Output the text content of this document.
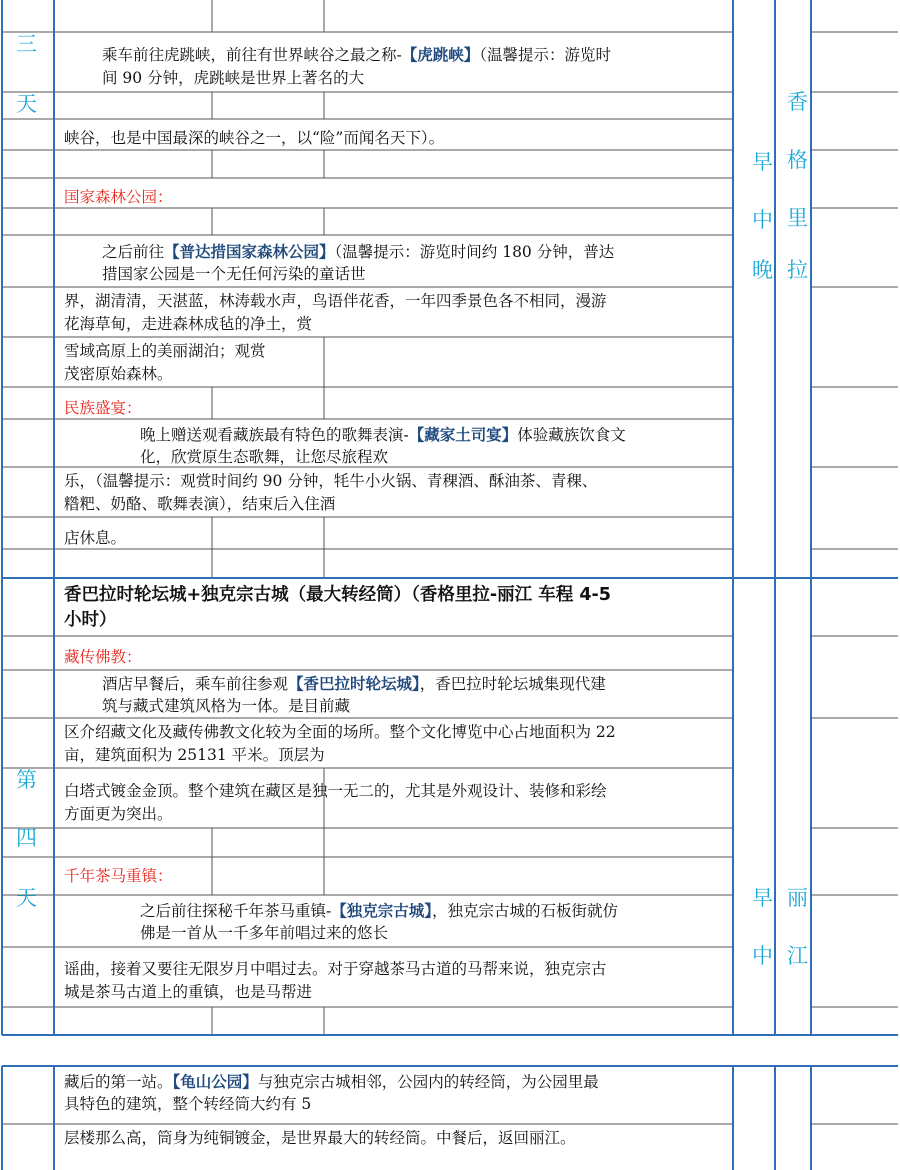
三
天
早
中
晚
香
格
里
拉
乘车前往虎跳峡，前往有世界峡谷之最之称-【虎跳峡】（温馨提示：游览时
间 90 分钟，虎跳峡是世界上著名的大
峡谷，也是中国最深的峡谷之一，以“险”而闻名天下）。
国家森林公园：
之后前往【普达措国家森林公园】（温馨提示：游览时间约 180 分钟，普达
措国家公园是一个无任何污染的童话世
界，湖清清，天湛蓝，林涛载水声，鸟语伴花香，一年四季景色各不相同，漫游
花海草甸，走进森林成毡的净土，赏
雪域高原上的美丽湖泊；观赏
茂密原始森林。
民族盛宴：
晚上赠送观看藏族最有特色的歌舞表演-【藏家土司宴】体验藏族饮食文
化，欣赏原生态歌舞，让您尽旅程欢
乐，（温馨提示：观赏时间约 90 分钟，牦牛小火锅、青稞酒、酥油茶、青稞、
糌粑、奶酪、歌舞表演），结束后入住酒
店休息。
第
四
天	早
中
丽
江
香巴拉时轮坛城+独克宗古城（最大转经筒）（香格里拉-丽江 车程 4-5
小时）
藏传佛教：
酒店早餐后，乘车前往参观【香巴拉时轮坛城】，香巴拉时轮坛城集现代建
筑与藏式建筑风格为一体。是目前藏
区介绍藏文化及藏传佛教文化较为全面的场所。整个文化博览中心占地面积为 22
亩，建筑面积为 25131 平米。顶层为
白塔式镀金金顶。整个建筑在藏区是独一无二的，尤其是外观设计、装修和彩绘
方面更为突出。
千年茶马重镇：
之后前往探秘千年茶马重镇-【独克宗古城】，独克宗古城的石板街就仿
佛是一首从一千多年前唱过来的悠长
谣曲，接着又要往无限岁月中唱过去。对于穿越茶马古道的马帮来说，独克宗古
城是茶马古道上的重镇，也是马帮进
藏后的第一站。【龟山公园】与独克宗古城相邻，公园内的转经筒，为公园里最
具特色的建筑，整个转经筒大约有 5
层楼那么高，筒身为纯铜镀金，是世界最大的转经筒。中餐后，返回丽江。
